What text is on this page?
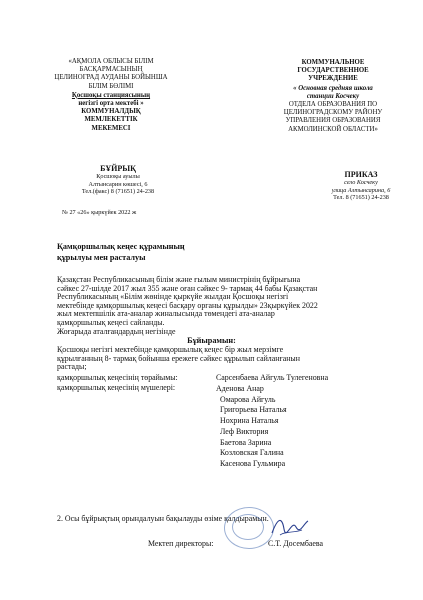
«АҚМОЛА ОБЛЫСЫ БІЛІМ
БАСҚАРМАСЫНЫҢ
ЦЕЛИНОГРАД АУДАНЫ БОЙЫНША
БІЛІМ БӨЛІМІ
Қосшоқы станциясының
негізгі орта мектебі »
КОММУНАЛДЫҚ
МЕМЛЕКЕТТІК
МЕКЕМЕСІ
КОММУНАЛЬНОЕ
ГОСУДАРСТВЕННОЕ
УЧРЕЖДЕНИЕ
« Основная средняя школа
станции Косчеку
ОТДЕЛА ОБРАЗОВАНИЯ ПО
ЦЕЛИНОГРАДСКОМУ РАЙОНУ
УПРАВЛЕНИЯ ОБРАЗОВАНИЯ
АКМОЛИНСКОЙ ОБЛАСТИ»
БҰЙРЫҚ
Қосшоқы ауылы
Алтынсарин көшесі, 6
Тел.(факс) 8 (71651) 24-238
№ 27 «26» қыркүйек 2022 ж
ПРИКАЗ
село Косчеку
улица Алтынсарина, 6
Тел. 8 (71651) 24-238
Қамқоршылық кеңес құрамының
құрылуы мен расталуы
Қазақстан Республикасының білім және ғылым министрінің бұйрығына
сәйкес 27-шілде 2017 жыл 355 және оған сәйкес 9- тармақ 44 бабы Қазақстан
Республикасының «Білім жөнінде қыркүйе жылдан Қосшоқы негізгі
мектебінде қамқоршылық кеңесі басқару органы құрылды» 23қыркүйек 2022
жыл мектепшілік ата-аналар жиналысында төмендегі ата-аналар
қамқоршылық кеңесі сайланды.
Жоғарыда аталғандардың негізінде
Бұйырамын:
Қосшоқы негізгі мектебінде қамқоршылық кеңес бір жыл мерзімге
құрылғанның 8- тармақ бойынша ережеге сәйкес құрылып сайланғанын
растады;
қамқоршылық кеңесінің төрайымы:	Сарсенбаева Айгуль Тулегеновна
қамқоршылық кеңесінің мүшелері:	Аденова Анар
Омарова Айгуль
Григорьева Наталья
Нохрина Наталья
Леф Виктория
Баетова Зарина
Козловская Галина
Касенова Гульмира
2. Осы бұйрықтың орындалуын бақылауды өзіме қалдырамын.
Мектеп директоры:	С.Т. Досембаева
